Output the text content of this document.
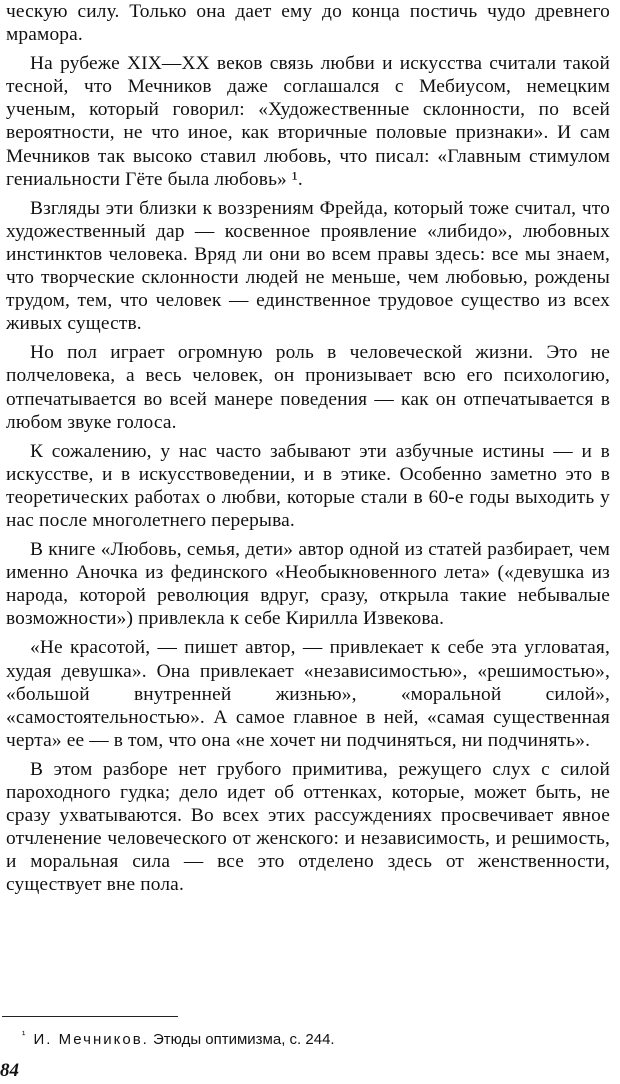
ческую силу. Только она дает ему до конца постичь чудо древнего мрамора.

На рубеже XIX—XX веков связь любви и искусства считали такой тесной, что Мечников даже соглашался с Мебиусом, немецким ученым, который говорил: «Художественные склонности, по всей вероятности, не что иное, как вторичные половые признаки». И сам Мечников так высоко ставил любовь, что писал: «Главным стимулом гениальности Гёте была любовь» ¹.

Взгляды эти близки к воззрениям Фрейда, который тоже считал, что художественный дар — косвенное проявление «либидо», любовных инстинктов человека. Вряд ли они во всем правы здесь: все мы знаем, что творческие склонности людей не меньше, чем любовью, рождены трудом, тем, что человек — единственное трудовое существо из всех живых существ.

Но пол играет огромную роль в человеческой жизни. Это не полчеловека, а весь человек, он пронизывает всю его психологию, отпечатывается во всей манере поведения — как он отпечатывается в любом звуке голоса.

К сожалению, у нас часто забывают эти азбучные истины — и в искусстве, и в искусствоведении, и в этике. Особенно заметно это в теоретических работах о любви, которые стали в 60-е годы выходить у нас после многолетнего перерыва.

В книге «Любовь, семья, дети» автор одной из статей разбирает, чем именно Аночка из фединского «Необыкновенного лета» («девушка из народа, которой революция вдруг, сразу, открыла такие небывалые возможности») привлекла к себе Кирилла Извекова.

«Не красотой, — пишет автор, — привлекает к себе эта угловатая, худая девушка». Она привлекает «независимостью», «решимостью», «большой внутренней жизнью», «моральной силой», «самостоятельностью». А самое главное в ней, «самая существенная черта» ее — в том, что она «не хочет ни подчиняться, ни подчинять».

В этом разборе нет грубого примитива, режущего слух с силой пароходного гудка; дело идет об оттенках, которые, может быть, не сразу ухватываются. Во всех этих рассуждениях просвечивает явное отчленение человеческого от женского: и независимость, и решимость, и моральная сила — все это отделено здесь от женственности, существует вне пола.

$^{^1}$ И. Мечников. Этюды оптимизма, с. 244.
84
